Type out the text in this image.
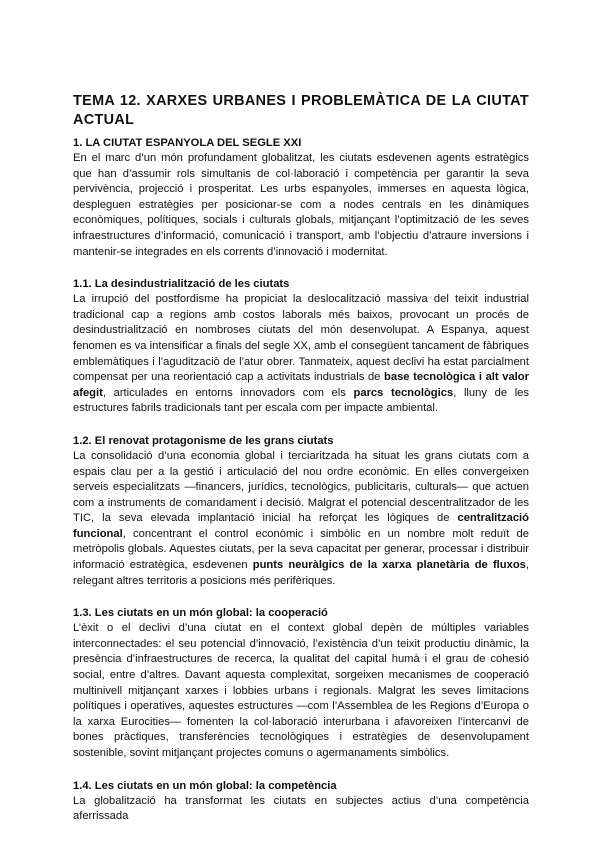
TEMA 12. XARXES URBANES I PROBLEMÀTICA DE LA CIUTAT ACTUAL
1. LA CIUTAT ESPANYOLA DEL SEGLE XXI

En el marc d’un món profundament globalitzat, les ciutats esdevenen agents estratègics que han d’assumir rols simultanis de col·laboració i competència per garantir la seva pervivència, projecció i prosperitat. Les urbs espanyoles, immerses en aquesta lògica, despleguen estratègies per posicionar-se com a nodes centrals en les dinàmiques econòmiques, polítiques, socials i culturals globals, mitjançant l’optimització de les seves infraestructures d’informació, comunicació i transport, amb l’objectiu d’atraure inversions i mantenir-se integrades en els corrents d’innovació i modernitat.

1.1. La desindustrialització de les ciutats

La irrupció del postfordisme ha propiciat la deslocalització massiva del teixit industrial tradicional cap a regions amb costos laborals més baixos, provocant un procés de desindustrialització en nombroses ciutats del món desenvolupat. A Espanya, aquest fenomen es va intensificar a finals del segle XX, amb el consegüent tancament de fàbriques emblemàtiques i l’aguditzaciò de l’atur obrer. Tanmateix, aquest declivi ha estat parcialment compensat per una reorientació cap a activitats industrials de base tecnològica i alt valor afegit, articulades en entorns innovadors com els parcs tecnològics, lluny de les estructures fabrils tradicionals tant per escala com per impacte ambiental.

1.2. El renovat protagonisme de les grans ciutats

La consolidació d’una economia global i terciaritzada ha situat les grans ciutats com a espais clau per a la gestió i articulació del nou ordre econòmic. En elles convergeixen serveis especialitzats —financers, jurídics, tecnològics, publicitaris, culturals— que actuen com a instruments de comandament i decisió. Malgrat el potencial descentralitzador de les TIC, la seva elevada implantació inicial ha reforçat les lògiques de centralització funcional, concentrant el control econòmic i simbòlic en un nombre molt reduït de metròpolis globals. Aquestes ciutats, per la seva capacitat per generar, processar i distribuir informació estratègica, esdevenen punts neuràlgics de la xarxa planetària de fluxos, relegant altres territoris a posicions més perifèriques.

1.3. Les ciutats en un món global: la cooperació

L’èxit o el declivi d’una ciutat en el context global depèn de múltiples variables interconnectades: el seu potencial d’innovació, l’existència d’un teixit productiu dinàmic, la presència d’infraestructures de recerca, la qualitat del capital humà i el grau de cohesió social, entre d’altres. Davant aquesta complexitat, sorgeixen mecanismes de cooperació multinivell mitjançant xarxes i lobbies urbans i regionals. Malgrat les seves limitacions polítiques i operatives, aquestes estructures —com l’Assemblea de les Regions d’Europa o la xarxa Eurocities— fomenten la col·laboració interurbana i afavoreixen l’intercanvi de bones pràctiques, transferències tecnològiques i estratègies de desenvolupament sostenible, sovint mitjançant projectes comuns o agermanaments simbòlics.

1.4. Les ciutats en un món global: la competència

La globalització ha transformat les ciutats en subjectes actius d’una competència aferrissada
